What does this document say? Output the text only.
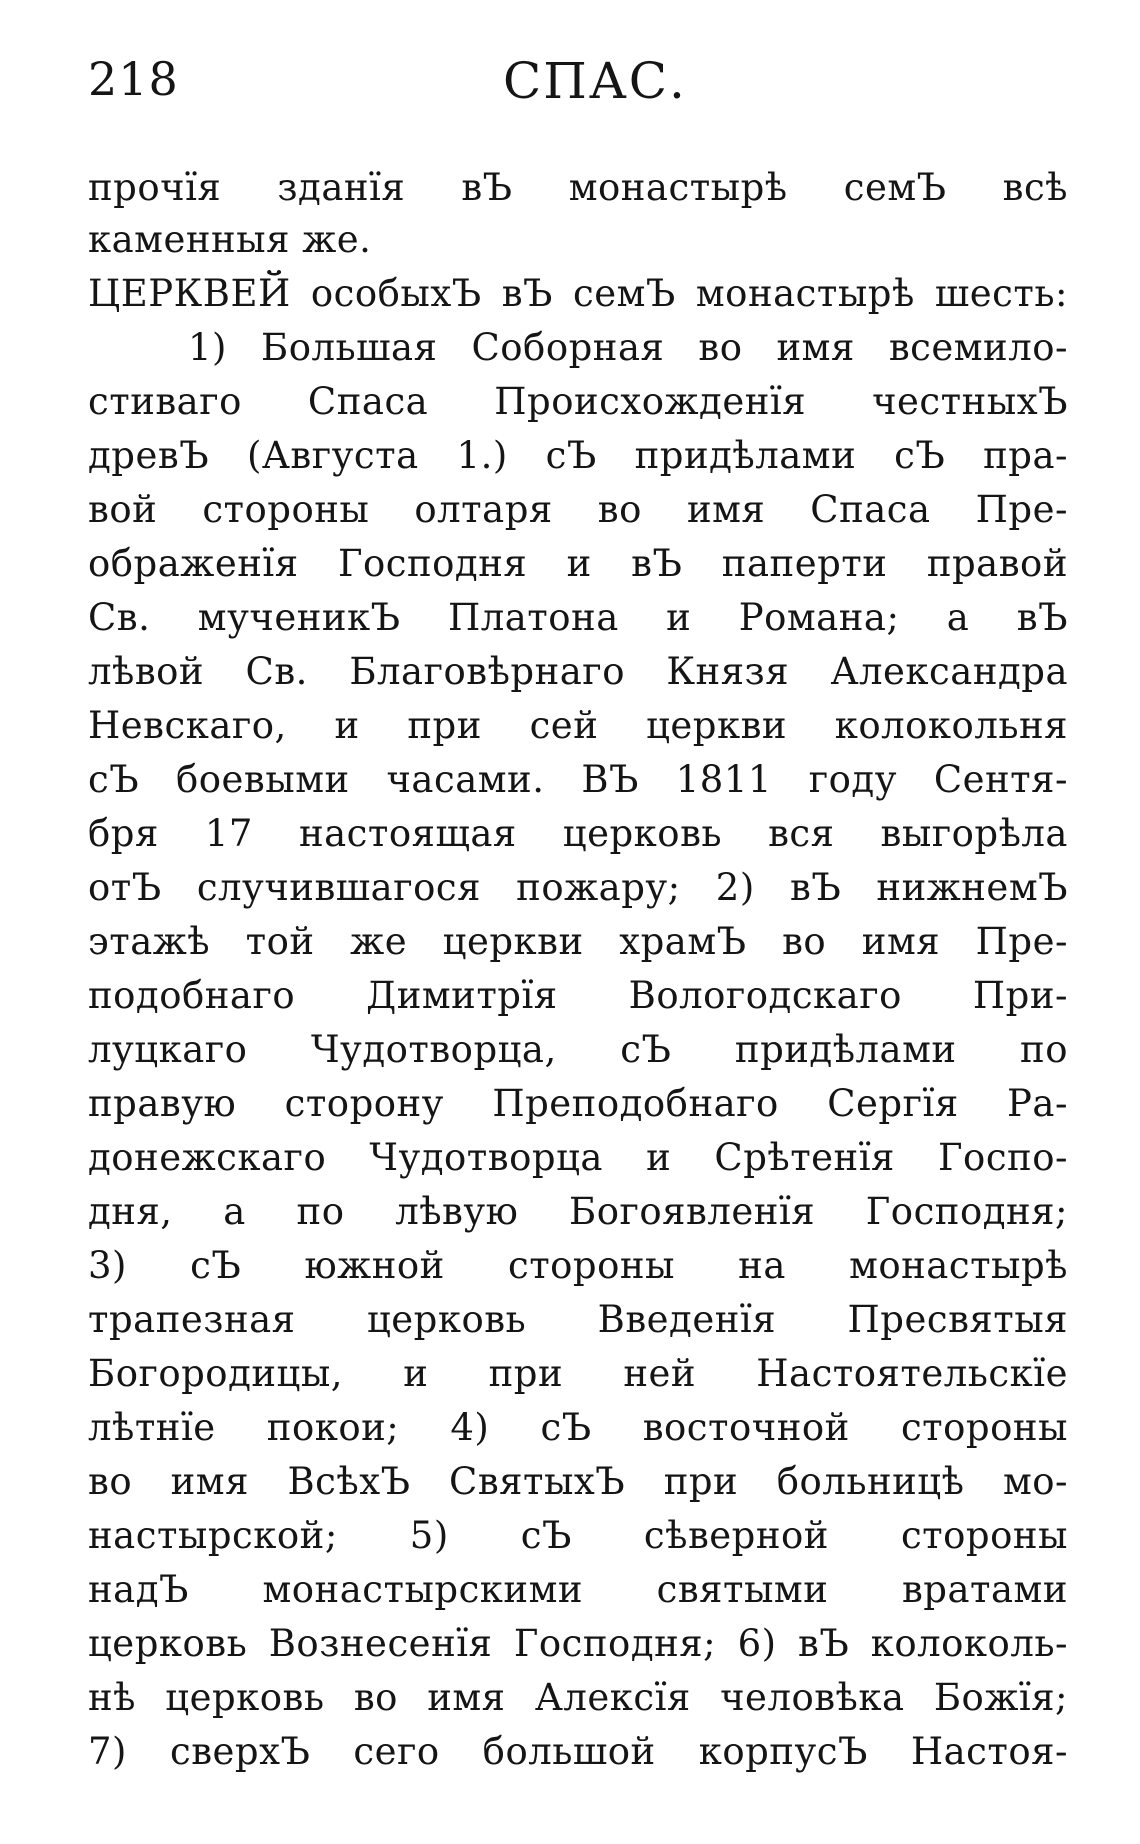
218	СПАС.
прочїя зданїя вЪ монастырѣ семЪ всѣ
каменныя же.
ЦЕРКВЕЙ особыхЪ вЪ семЪ монастырѣ шесть:
1) Большая Соборная во имя всемило-
стиваго Спаса Происхожденїя честныхЪ
древЪ (Августа 1.) сЪ придѣлами сЪ пра-
вой стороны олтаря во имя Спаса Пре-
ображенїя Господня и вЪ паперти правой
Св. мученикЪ Платона и Романа; а вЪ
лѣвой Св. Благовѣрнаго Князя Александра
Невскаго, и при сей церкви колокольня
сЪ боевыми часами. ВЪ 1811 году Сентя-
бря 17 настоящая церковь вся выгорѣла
отЪ случившагося пожару; 2) вЪ нижнемЪ
этажѣ той же церкви храмЪ во имя Пре-
подобнаго Димитрїя Вологодскаго При-
луцкаго Чудотворца, сЪ придѣлами по
правую сторону Преподобнаго Сергїя Ра-
донежскаго Чудотворца и Срѣтенїя Госпо-
дня, а по лѣвую Богоявленїя Господня;
3) сЪ южной стороны на монастырѣ
трапезная церковь Введенїя Пресвятыя
Богородицы, и при ней Настоятельскїе
лѣтнїе покои; 4) сЪ восточной стороны
во имя ВсѣхЪ СвятыхЪ при больницѣ мо-
настырской; 5) сЪ сѣверной стороны
надЪ монастырскими святыми вратами
церковь Вознесенїя Господня; 6) вЪ колоколь-
нѣ церковь во имя Алексїя человѣка Божїя;
7) сверхЪ сего большой корпусЪ Настоя-
